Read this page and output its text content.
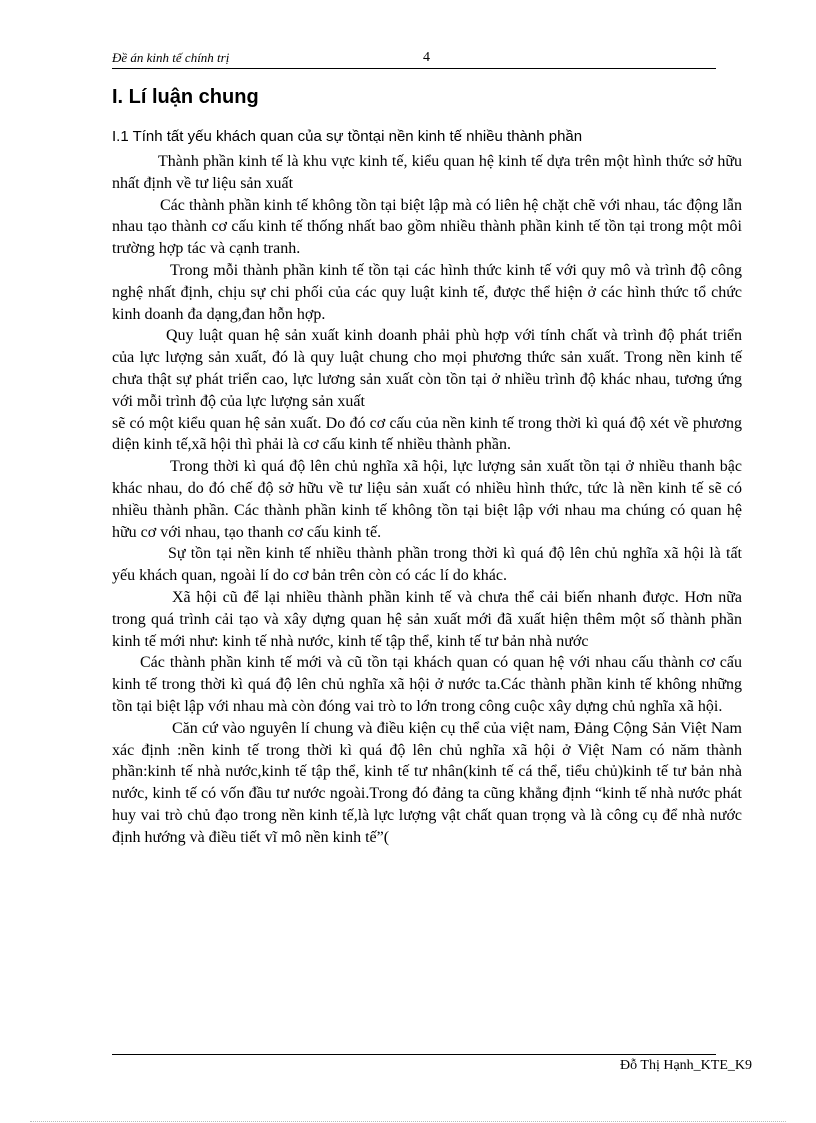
Đề án kinh tế chính trị	4
I. Lí luận chung
I.1 Tính tất yếu khách quan của sự tồntại nền kinh tế nhiều thành phần

Thành phần kinh tế là khu vực kinh tế, kiểu quan hệ kinh tế dựa trên một hình thức sở hữu nhất định về tư liệu sản xuất

Các thành phần kinh tế không tồn tại biệt lập mà có liên hệ chặt chẽ với nhau, tác động lẫn nhau tạo thành cơ cấu kinh tế thống nhất bao gồm nhiều thành phần kinh tế tồn tại trong một môi trường hợp tác và cạnh tranh.

Trong mỗi thành phần kinh tế tồn tại các hình thức kinh tế với quy mô và trình độ công nghệ nhất định, chịu sự chi phối của các quy luật kinh tế, được thể hiện ở các hình thức tổ chức kinh doanh đa dạng,đan hỗn hợp.

Quy luật quan hệ sản xuất kinh doanh phải phù hợp với tính chất và trình độ phát triển của lực lượng sản xuất, đó là quy luật chung cho mọi phương thức sản xuất. Trong nền kinh tế chưa thật sự phát triển cao, lực lương sản xuất còn tồn tại ở nhiều trình độ khác nhau, tương ứng với mỗi trình độ của lực lượng sản xuất

sẽ có một kiểu quan hệ sản xuất. Do đó cơ cấu của nền kinh tế trong thời kì quá độ xét về phương diện kinh tế,xã hội thì phải là cơ cấu kinh tế nhiều thành phần.

Trong thời kì quá độ lên chủ nghĩa xã hội, lực lượng sản xuất tồn tại ở nhiều thanh bậc khác nhau, do đó chế độ sở hữu về tư liệu sản xuất có nhiều hình thức, tức là nền kinh tế sẽ có nhiều thành phần. Các thành phần kinh tế không tồn tại biệt lập với nhau ma chúng có quan hệ hữu cơ với nhau, tạo thanh cơ cấu kinh tế.

Sự tồn tại nền kinh tế nhiều thành phần trong thời kì quá độ lên chủ nghĩa xã hội là tất yếu khách quan, ngoài lí do cơ bản trên còn có các lí do khác.

Xã hội cũ để lại nhiều thành phần kinh tế và chưa thể cải biến nhanh được. Hơn nữa trong quá trình cải tạo và xây dựng quan hệ sản xuất mới đã xuất hiện thêm một số thành phần kinh tế mới như: kinh tế nhà nước, kinh tế tập thể, kinh tế tư bản nhà nước

Các thành phần kinh tế mới và cũ tồn tại khách quan có quan hệ với nhau cấu thành cơ cấu kinh tế trong thời kì quá độ lên chủ nghĩa xã hội ở nước ta.Các thành phần kinh tế không những tồn tại biệt lập với nhau mà còn đóng vai trò to lớn trong công cuộc xây dựng chủ nghĩa xã hội.

Căn cứ vào nguyên lí chung và điều kiện cụ thể của việt nam, Đảng Cộng Sản Việt Nam xác định :nền kinh tế trong thời kì quá độ lên chủ nghĩa xã hội ở Việt Nam có năm thành phần:kinh tế nhà nước,kinh tế tập thể, kinh tế tư nhân(kinh tế cá thể, tiểu chủ)kinh tế tư bản nhà nước, kinh tế có vốn đầu tư nước ngoài.Trong đó đảng ta cũng khẳng định “kinh tế nhà nước phát huy vai trò chủ đạo trong nền kinh tế,là lực lượng vật chất quan trọng và là công cụ để nhà nước định hướng và điều tiết vĩ mô nền kinh tế”(

Đỗ Thị Hạnh_KTE_K9
